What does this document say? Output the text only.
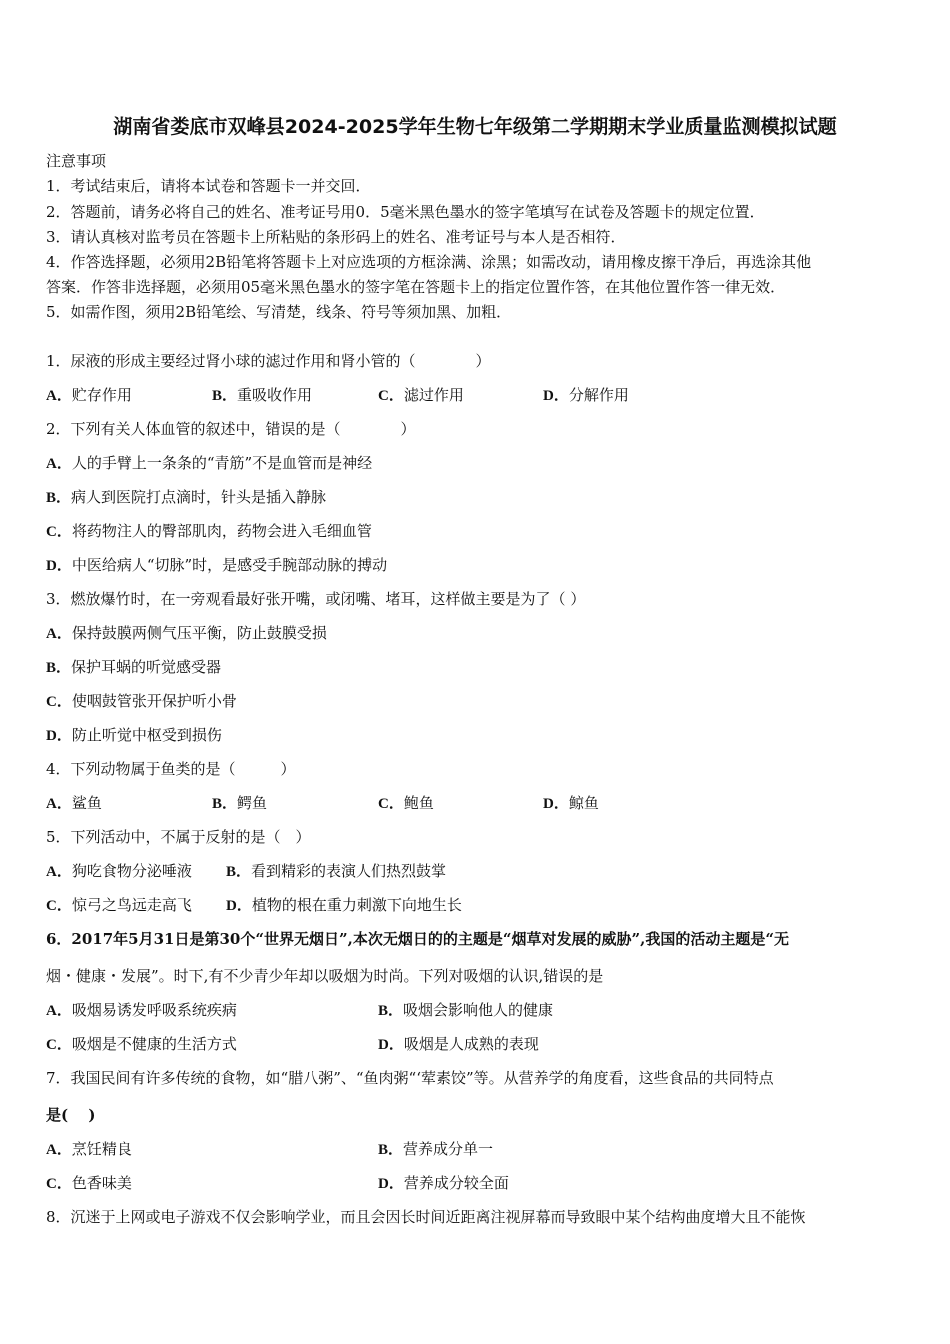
湖南省娄底市双峰县2024-2025学年生物七年级第二学期期末学业质量监测模拟试题
注意事项
1．考试结束后，请将本试卷和答题卡一并交回．
2．答题前，请务必将自己的姓名、准考证号用0．5毫米黑色墨水的签字笔填写在试卷及答题卡的规定位置．
3．请认真核对监考员在答题卡上所粘贴的条形码上的姓名、准考证号与本人是否相符．
4．作答选择题，必须用2B铅笔将答题卡上对应选项的方框涂满、涂黑；如需改动，请用橡皮擦干净后，再选涂其他
答案．作答非选择题，必须用05毫米黑色墨水的签字笔在答题卡上的指定位置作答，在其他位置作答一律无效．
5．如需作图，须用2B铅笔绘、写清楚，线条、符号等须加黑、加粗．
1．尿液的形成主要经过肾小球的滤过作用和肾小管的（　　　　）
A．贮存作用	B．重吸收作用	C．滤过作用	D．分解作用
2．下列有关人体血管的叙述中，错误的是（　　　　）
A．人的手臂上一条条的“青筋”不是血管而是神经
B．病人到医院打点滴时，针头是插入静脉
C．将药物注人的臀部肌肉，药物会进入毛细血管
D．中医给病人“切脉”时，是感受手腕部动脉的搏动
3．燃放爆竹时，在一旁观看最好张开嘴，或闭嘴、堵耳，这样做主要是为了（ ）
A．保持鼓膜两侧气压平衡，防止鼓膜受损
B．保护耳蜗的听觉感受器
C．使咽鼓管张开保护听小骨
D．防止听觉中枢受到损伤
4．下列动物属于鱼类的是（　　　）
A．鲨鱼	B．鳄鱼	C．鲍鱼	D．鲸鱼
5．下列活动中，不属于反射的是（　）
A．狗吃食物分泌唾液 B．看到精彩的表演人们热烈鼓掌
C．惊弓之鸟远走高飞 D．植物的根在重力刺激下向地生长
6．2017年5月31日是第30个“世界无烟日”,本次无烟日的的主题是“烟草对发展的威胁”,我国的活动主题是“无
烟・健康・发展”。时下,有不少青少年却以吸烟为时尚。下列对吸烟的认识,错误的是
A．吸烟易诱发呼吸系统疾病	B．吸烟会影响他人的健康
C．吸烟是不健康的生活方式	D．吸烟是人成熟的表现
7．我国民间有许多传统的食物，如“腊八粥”、“鱼肉粥“‘荤素饺”等。从营养学的角度看，这些食品的共同特点
是(　 )
A．烹饪精良	B．营养成分单一
C．色香味美	D．营养成分较全面
8．沉迷于上网或电子游戏不仅会影响学业，而且会因长时间近距离注视屏幕而导致眼中某个结构曲度增大且不能恢
